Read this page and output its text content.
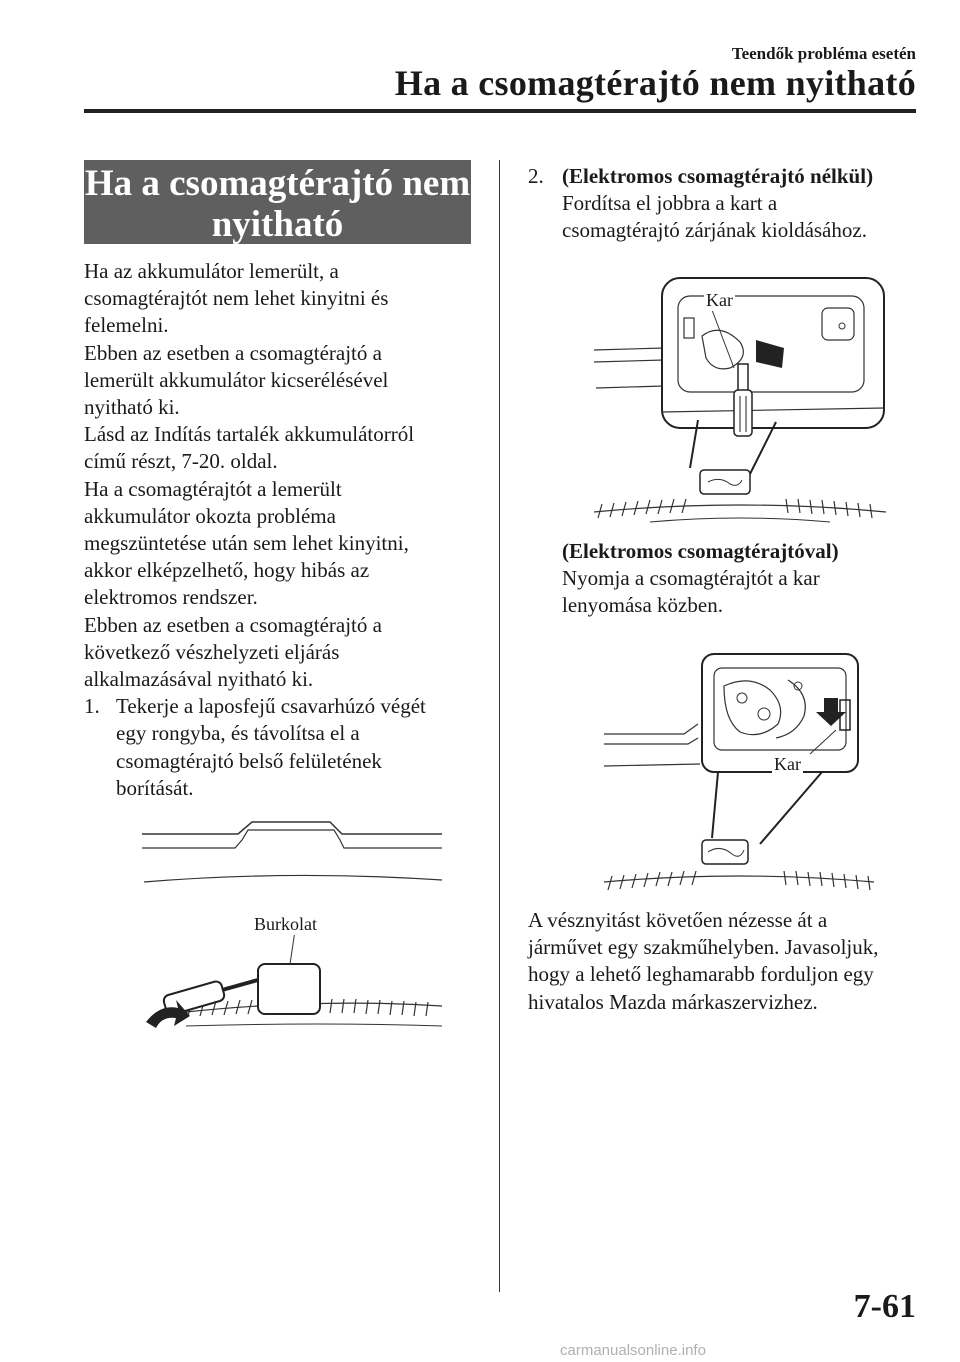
Teendők probléma esetén
Ha a csomagtérajtó nem nyitható
Ha a csomagtérajtó nem
nyitható

Ha az akkumulátor lemerült, a

csomagtérajtót nem lehet kinyitni és

felemelni.

Ebben az esetben a csomagtérajtó a

lemerült akkumulátor kicserélésével

nyitható ki.

Lásd az Indítás tartalék akkumulátorról

című részt, 7-20. oldal.

Ha a csomagtérajtót a lemerült

akkumulátor okozta probléma

megszüntetése után sem lehet kinyitni,

akkor elképzelhető, hogy hibás az

elektromos rendszer.

Ebben az esetben a csomagtérajtó a

következő vészhelyzeti eljárás

alkalmazásával nyitható ki.

1. Tekerje a laposfejű csavarhúzó végét

egy rongyba, és távolítsa el a

csomagtérajtó belső felületének

borítását.

Burkolat
2. (Elektromos csomagtérajtó nélkül)

Fordítsa el jobbra a kart a

csomagtérajtó zárjának kioldásához.

Kar

(Elektromos csomagtérajtóval)

Nyomja a csomagtérajtót a kar

lenyomása közben.

Kar

A vésznyitást követően nézesse át a

járművet egy szakműhelyben. Javasoljuk,

hogy a lehető leghamarabb forduljon egy

hivatalos Mazda márkaszervizhez.

7-61
carmanualsonline.info
